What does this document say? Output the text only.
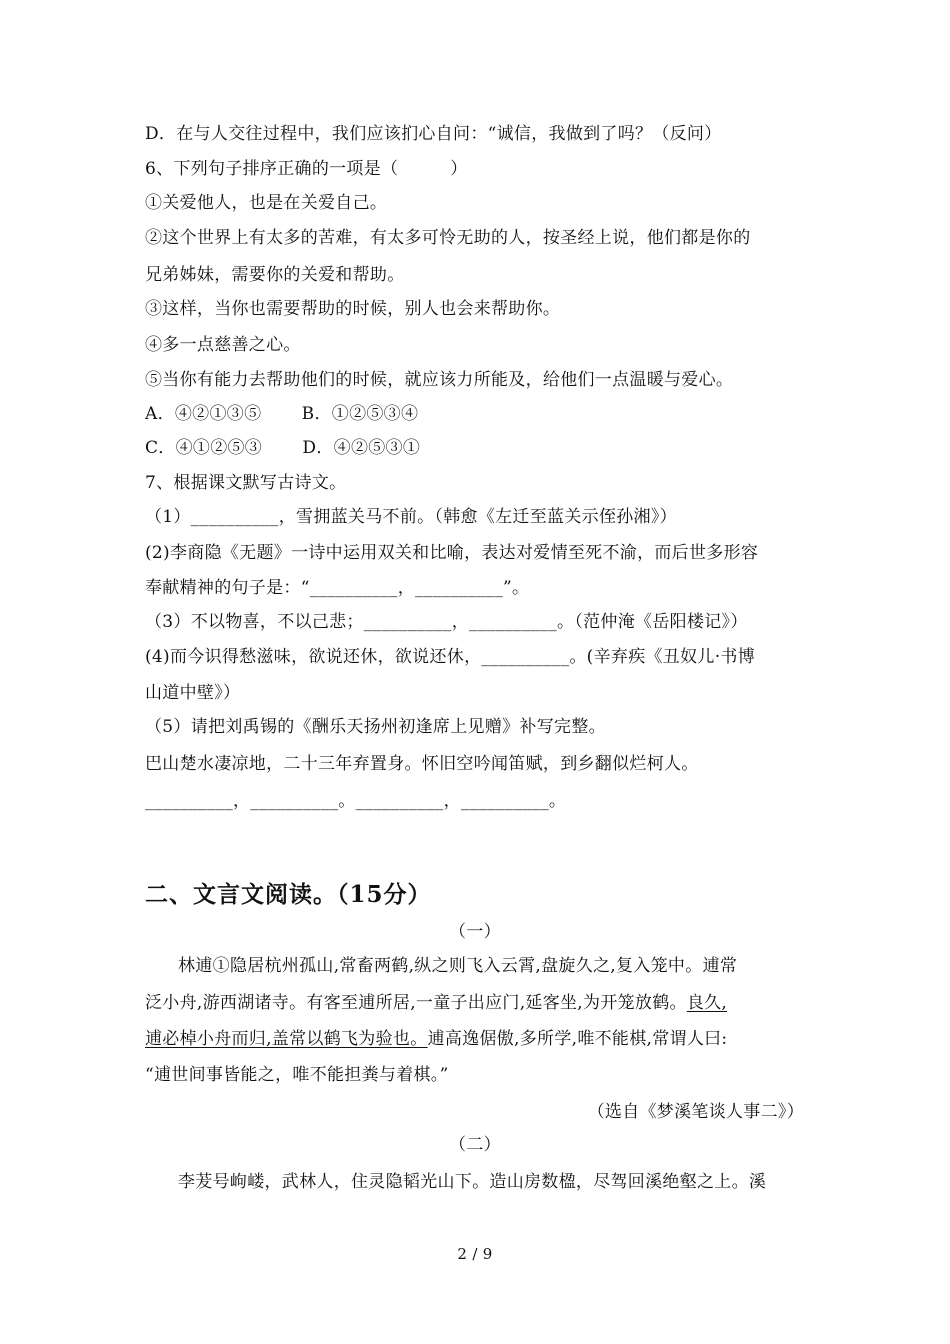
D．在与人交往过程中，我们应该扪心自问：“诚信，我做到了吗？（反问）
6、下列句子排序正确的一项是（　　　）
①关爱他人，也是在关爱自己。
②这个世界上有太多的苦难，有太多可怜无助的人，按圣经上说，他们都是你的
兄弟姊妹，需要你的关爱和帮助。
③这样，当你也需要帮助的时候，别人也会来帮助你。
④多一点慈善之心。
⑤当你有能力去帮助他们的时候，就应该力所能及，给他们一点温暖与爱心。
A．④②①③⑤　　 B．①②⑤③④
C．④①②⑤③　　 D．④②⑤③①
7、根据课文默写古诗文。
（1）__________，雪拥蓝关马不前。（韩愈《左迁至蓝关示侄孙湘》）
(2)李商隐《无题》一诗中运用双关和比喻，表达对爱情至死不渝，而后世多形容
奉献精神的句子是：“__________，__________”。
（3）不以物喜，不以己悲；__________，__________。（范仲淹《岳阳楼记》）
(4)而今识得愁滋味，欲说还休，欲说还休，__________。(辛弃疾《丑奴儿·书博
山道中壁》）
（5）请把刘禹锡的《酬乐天扬州初逢席上见赠》补写完整。
巴山楚水凄凉地，二十三年弃置身。怀旧空吟闻笛赋，到乡翻似烂柯人。
__________，__________。__________，__________。
二、文言文阅读。（15分）
（一）
林逋①隐居杭州孤山,常畜两鹤,纵之则飞入云霄,盘旋久之,复入笼中。逋常
泛小舟,游西湖诸寺。有客至逋所居,一童子出应门,延客坐,为开笼放鹤。良久,
逋必棹小舟而归,盖常以鹤飞为验也。逋高逸倨傲,多所学,唯不能棋,常谓人曰:
“逋世间事皆能之，唯不能担粪与着棋。”
（选自《梦溪笔谈人事二》）
（二）
李茇号岣嵝，武林人，住灵隐韬光山下。造山房数楹，尽驾回溪绝壑之上。溪
2 / 9
